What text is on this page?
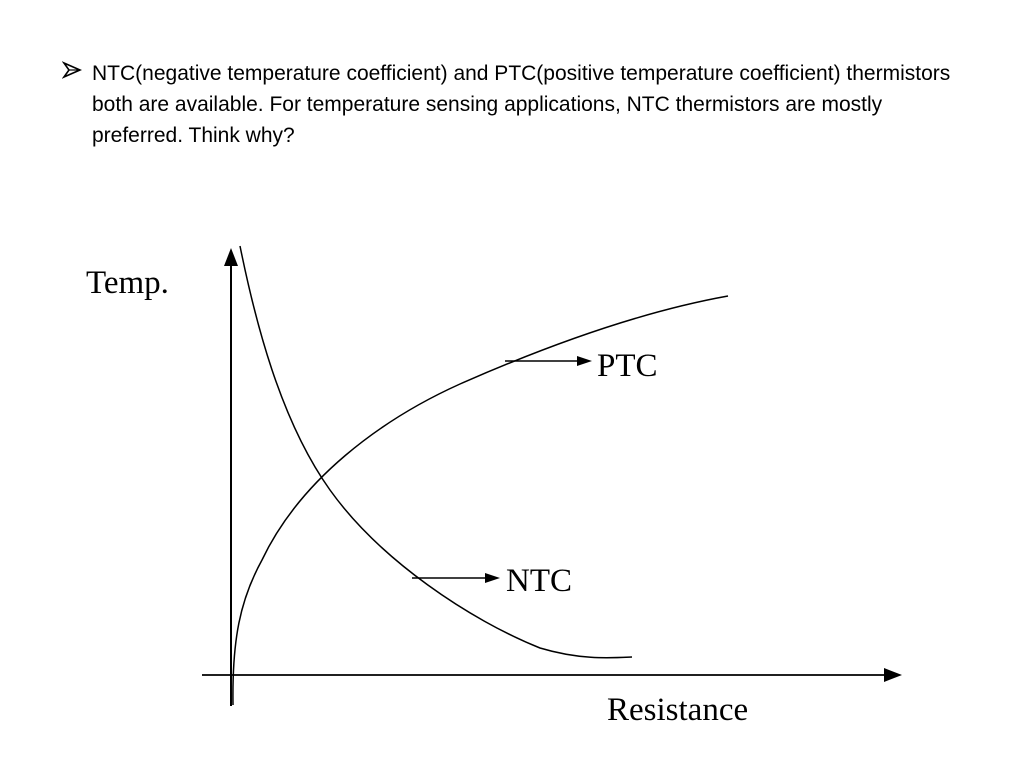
NTC(negative temperature coefficient) and PTC(positive temperature coefficient) thermistors both are available. For temperature sensing applications, NTC thermistors are mostly preferred. Think why?
PTC
NTC
Temp.
Resistance
